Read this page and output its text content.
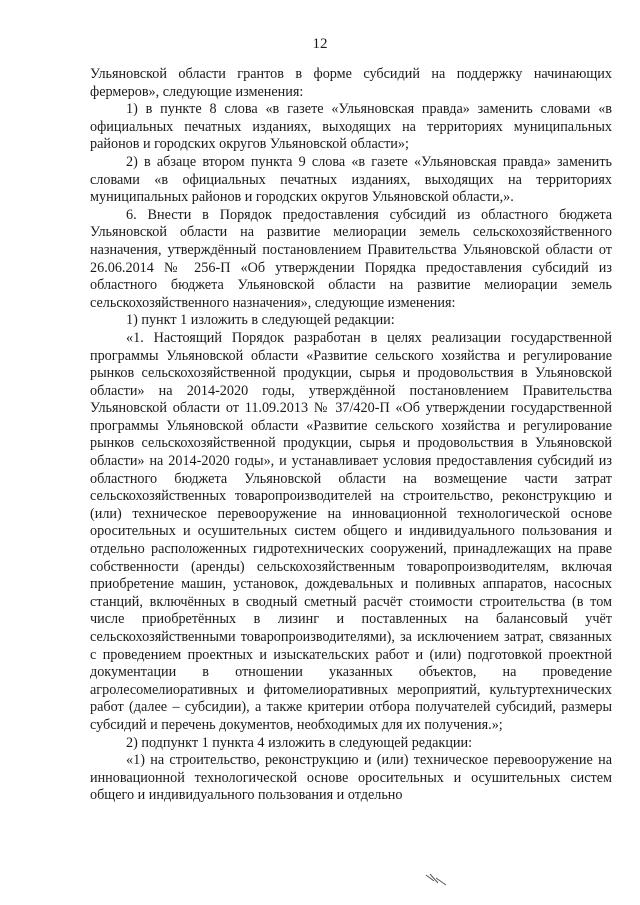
12

Ульяновской области грантов в форме субсидий на поддержку начинающих фермеров», следующие изменения:

1) в пункте 8 слова «в газете «Ульяновская правда» заменить словами «в официальных печатных изданиях, выходящих на территориях муниципальных районов и городских округов Ульяновской области»;

2) в абзаце втором пункта 9 слова «в газете «Ульяновская правда» заменить словами «в официальных печатных изданиях, выходящих на территориях муниципальных районов и городских округов Ульяновской области,».

6. Внести в Порядок предоставления субсидий из областного бюджета Ульяновской области на развитие мелиорации земель сельскохозяйственного назначения, утверждённый постановлением Правительства Ульяновской области от 26.06.2014 № 256-П «Об утверждении Порядка предоставления субсидий из областного бюджета Ульяновской области на развитие мелиорации земель сельскохозяйственного назначения», следующие изменения:

1) пункт 1 изложить в следующей редакции:

«1. Настоящий Порядок разработан в целях реализации государственной программы Ульяновской области «Развитие сельского хозяйства и регулирование рынков сельскохозяйственной продукции, сырья и продовольствия в Ульяновской области» на 2014-2020 годы, утверждённой постановлением Правительства Ульяновской области от 11.09.2013 № 37/420-П «Об утверждении государственной программы Ульяновской области «Развитие сельского хозяйства и регулирование рынков сельскохозяйственной продукции, сырья и продовольствия в Ульяновской области» на 2014-2020 годы», и устанавливает условия предоставления субсидий из областного бюджета Ульяновской области на возмещение части затрат сельскохозяйственных товаропроизводителей на строительство, реконструкцию и (или) техническое перевооружение на инновационной технологической основе оросительных и осушительных систем общего и индивидуального пользования и отдельно расположенных гидротехнических сооружений, принадлежащих на праве собственности (аренды) сельскохозяйственным товаропроизводителям, включая приобретение машин, установок, дождевальных и поливных аппаратов, насосных станций, включённых в сводный сметный расчёт стоимости строительства (в том числе приобретённых в лизинг и поставленных на балансовый учёт сельскохозяйственными товаропроизводителями), за исключением затрат, связанных с проведением проектных и изыскательских работ и (или) подготовкой проектной документации в отношении указанных объектов, на проведение агролесомелиоративных и фитомелиоративных мероприятий, культуртехнических работ (далее – субсидии), а также критерии отбора получателей субсидий, размеры субсидий и перечень документов, необходимых для их получения.»;

2) подпункт 1 пункта 4 изложить в следующей редакции:

«1) на строительство, реконструкцию и (или) техническое перевооружение на инновационной технологической основе оросительных и осушительных систем общего и индивидуального пользования и отдельно
